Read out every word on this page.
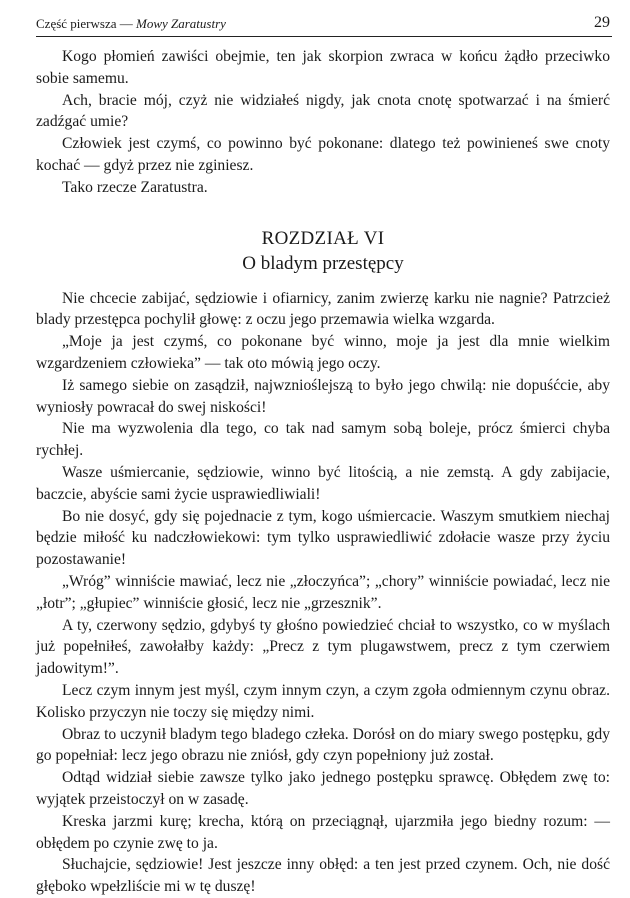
Część pierwsza — Mowy Zaratustry	29

Kogo płomień zawiści obejmie, ten jak skorpion zwraca w końcu żądło przeciwko sobie samemu.

Ach, bracie mój, czyż nie widziałeś nigdy, jak cnota cnotę spotwarzać i na śmierć zadźgać umie?

Człowiek jest czymś, co powinno być pokonane: dlatego też powinieneś swe cnoty kochać — gdyż przez nie zginiesz.

Tako rzecze Zaratustra.

ROZDZIAŁ VI

O bladym przestępcy

Nie chcecie zabijać, sędziowie i ofiarnicy, zanim zwierzę karku nie nagnie? Patrzcież blady przestępca pochylił głowę: z oczu jego przemawia wielka wzgarda.

„Moje ja jest czymś, co pokonane być winno, moje ja jest dla mnie wielkim wzgardzeniem człowieka” — tak oto mówią jego oczy.

Iż samego siebie on zasądził, najwznioślejszą to było jego chwilą: nie dopuśćcie, aby wyniosły powracał do swej niskości!

Nie ma wyzwolenia dla tego, co tak nad samym sobą boleje, prócz śmierci chyba rychłej.

Wasze uśmiercanie, sędziowie, winno być litością, a nie zemstą. A gdy zabijacie, baczcie, abyście sami życie usprawiedliwiali!

Bo nie dosyć, gdy się pojednacie z tym, kogo uśmiercacie. Waszym smutkiem niechaj będzie miłość ku nadczłowiekowi: tym tylko usprawiedliwić zdołacie wasze przy życiu pozostawanie!

„Wróg” winniście mawiać, lecz nie „złoczyńca”; „chory” winniście powiadać, lecz nie „łotr”; „głupiec” winniście głosić, lecz nie „grzesznik”.

A ty, czerwony sędzio, gdybyś ty głośno powiedzieć chciał to wszystko, co w myślach już popełniłeś, zawołałby każdy: „Precz z tym plugawstwem, precz z tym czerwiem jadowitym!”.

Lecz czym innym jest myśl, czym innym czyn, a czym zgoła odmiennym czynu obraz. Kolisko przyczyn nie toczy się między nimi.

Obraz to uczynił bladym tego bladego człeka. Dorósł on do miary swego postępku, gdy go popełniał: lecz jego obrazu nie zniósł, gdy czyn popełniony już został.

Odtąd widział siebie zawsze tylko jako jednego postępku sprawcę. Obłędem zwę to: wyjątek przeistoczył on w zasadę.

Kreska jarzmi kurę; krecha, którą on przeciągnął, ujarzmiła jego biedny rozum: — obłędem po czynie zwę to ja.

Słuchajcie, sędziowie! Jest jeszcze inny obłęd: a ten jest przed czynem. Och, nie dość głęboko wpełzliście mi w tę duszę!
